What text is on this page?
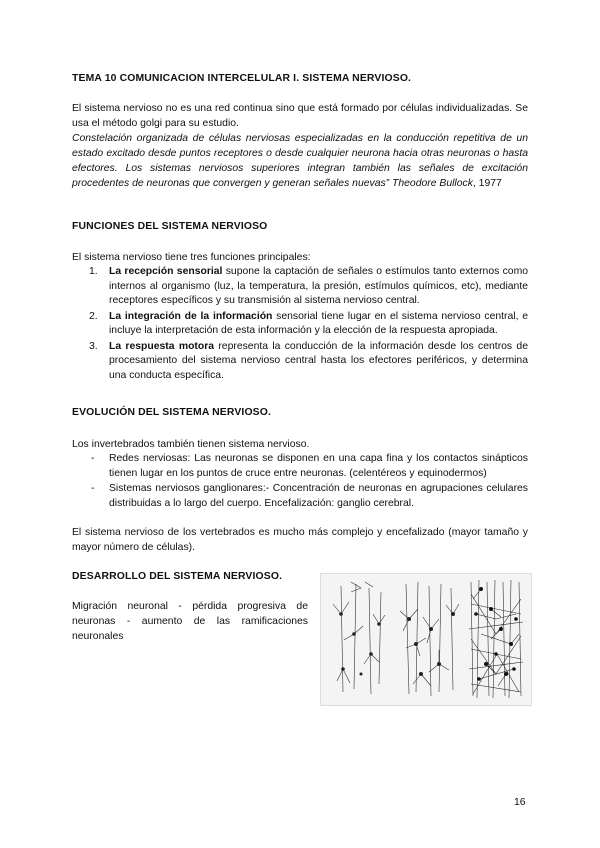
TEMA 10 COMUNICACION INTERCELULAR I. SISTEMA NERVIOSO.

El sistema nervioso no es una red continua sino que está formado por células individualizadas. Se usa el método golgi para su estudio.

Constelación organizada de células nerviosas especializadas en la conducción repetitiva de un estado excitado desde puntos receptores o desde cualquier neurona hacia otras neuronas o hasta efectores. Los sistemas nerviosos superiores integran también las señales de excitación procedentes de neuronas que convergen y generan señales nuevas” Theodore Bullock, 1977

FUNCIONES DEL SISTEMA NERVIOSO

El sistema nervioso tiene tres funciones principales:

1. La recepción sensorial supone la captación de señales o estímulos tanto externos como internos al organismo (luz, la temperatura, la presión, estímulos químicos, etc), mediante receptores específicos y su transmisión al sistema nervioso central.
2. La integración de la información sensorial tiene lugar en el sistema nervioso central, e incluye la interpretación de esta información y la elección de la respuesta apropiada.
3. La respuesta motora representa la conducción de la información desde los centros de procesamiento del sistema nervioso central hasta los efectores periféricos, y determina una conducta específica.
EVOLUCIÓN DEL SISTEMA NERVIOSO.

Los invertebrados también tienen sistema nervioso.

- Redes nerviosas: Las neuronas se disponen en una capa fina y los contactos sinápticos tienen lugar en los puntos de cruce entre neuronas. (celentéreos y equinodermos)
- Sistemas nerviosos ganglionares:- Concentración de neuronas en agrupaciones celulares distribuidas a lo largo del cuerpo. Encefalización: ganglio cerebral.

El sistema nervioso de los vertebrados es mucho más complejo y encefalizado (mayor tamaño y mayor número de células).

DESARROLLO DEL SISTEMA NERVIOSO.

Migración neuronal - pérdida progresiva de neuronas - aumento de las ramificaciones neuronales

16
